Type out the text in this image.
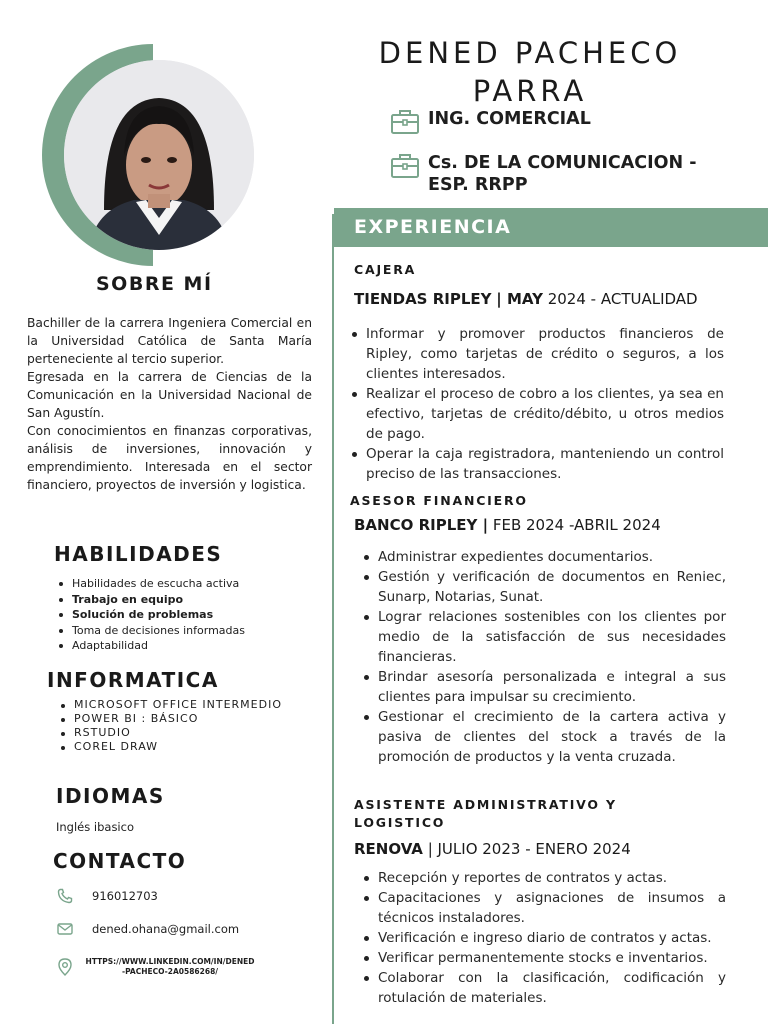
SOBRE MÍ

Bachiller de la carrera Ingeniera Comercial en la Universidad Católica de Santa María perteneciente al tercio superior.

Egresada en la carrera de Ciencias de la Comunicación en la Universidad Nacional de San Agustín.

Con conocimientos en finanzas corporativas, análisis de inversiones, innovación y emprendimiento. Interesada en el sector financiero, proyectos de inversión y logistica.

HABILIDADES
Habilidades de escucha activa
Trabajo en equipo
Solución de problemas
Toma de decisiones informadas
Adaptabilidad
INFORMATICA
MICROSOFT OFFICE INTERMEDIO
POWER BI : BÁSICO
RSTUDIO
COREL DRAW
IDIOMAS
Inglés ibasico
CONTACTO
916012703
dened.ohana@gmail.com
HTTPS://WWW.LINKEDIN.COM/IN/DENED
-PACHECO-2A0586268/
DENED PACHECO
PARRA
ING. COMERCIAL
Cs. DE LA COMUNICACION -
ESP. RRPP
EXPERIENCIA
CAJERA
TIENDAS RIPLEY | MAY 2024 - ACTUALIDAD
Informar y promover productos financieros de Ripley, como tarjetas de crédito o seguros, a los clientes interesados.
Realizar el proceso de cobro a los clientes, ya sea en efectivo, tarjetas de crédito/débito, u otros medios de pago.
Operar la caja registradora, manteniendo un control preciso de las transacciones.
ASESOR FINANCIERO
BANCO RIPLEY | FEB 2024 -ABRIL 2024
Administrar expedientes documentarios.
Gestión y verificación de documentos en Reniec, Sunarp, Notarias, Sunat.
Lograr relaciones sostenibles con los clientes por medio de la satisfacción de sus necesidades financieras.
Brindar asesoría personalizada e integral a sus clientes para impulsar su crecimiento.
Gestionar el crecimiento de la cartera activa y pasiva de clientes del stock a través de la promoción de productos y la venta cruzada.
ASISTENTE ADMINISTRATIVO Y
LOGISTICO
RENOVA | JULIO 2023 - ENERO 2024
Recepción y reportes de contratos y actas.
Capacitaciones y asignaciones de insumos a técnicos instaladores.
Verificación e ingreso diario de contratos y actas.
Verificar permanentemente stocks e inventarios.
Colaborar con la clasificación, codificación y rotulación de materiales.
